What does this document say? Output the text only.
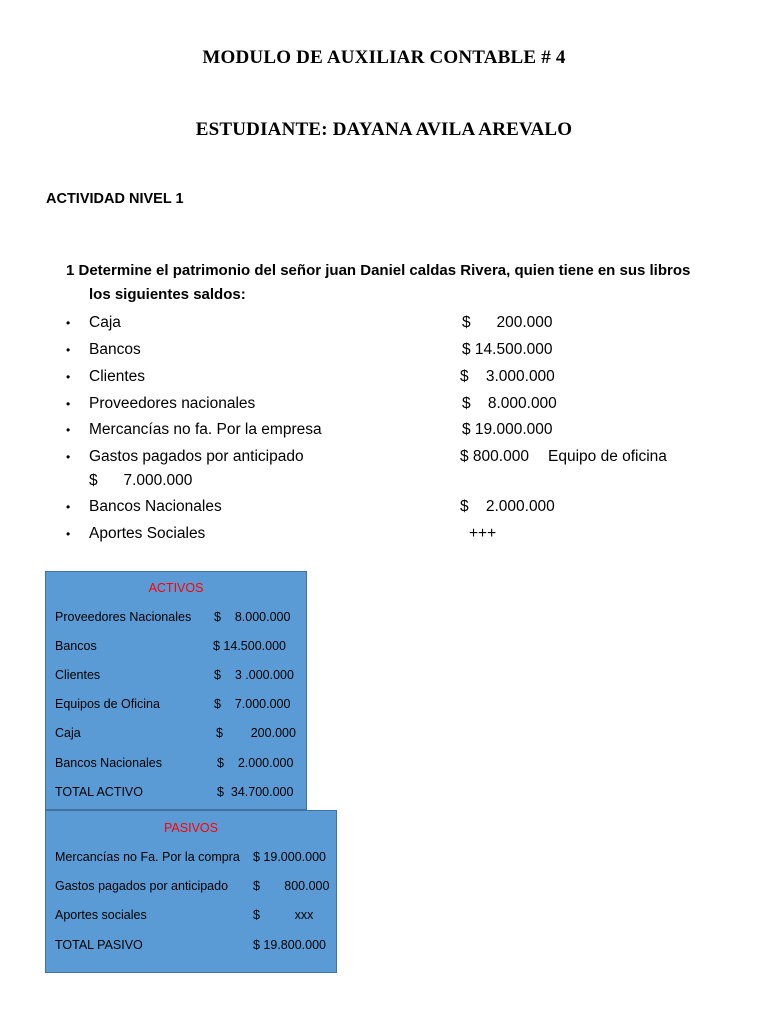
MODULO DE AUXILIAR CONTABLE # 4
ESTUDIANTE: DAYANA AVILA AREVALO
ACTIVIDAD NIVEL 1
1 Determine el patrimonio del señor juan Daniel caldas Rivera, quien tiene en sus libros
los siguientes saldos:
• Caja	$      200.000
• Bancos	$ 14.500.000
• Clientes	$    3.000.000
• Proveedores nacionales	$    8.000.000
• Mercancías no fa. Por la empresa	$ 19.000.000
• Gastos pagados por anticipado	$ 800.000 Equipo de oficina
$      7.000.000
• Bancos Nacionales	$    2.000.000
• Aportes Sociales	+++
ACTIVOS
Proveedores Nacionales $    8.000.000
Bancos	$ 14.500.000
Clientes	$    3 .000.000
Equipos de Oficina	$    7.000.000
Caja	$        200.000
Bancos Nacionales	$    2.000.000
TOTAL ACTIVO	$  34.700.000
PASIVOS
Mercancías no Fa. Por la compra $ 19.000.000
Gastos pagados por anticipado $       800.000
Aportes sociales	$          xxx
TOTAL PASIVO	$ 19.800.000
